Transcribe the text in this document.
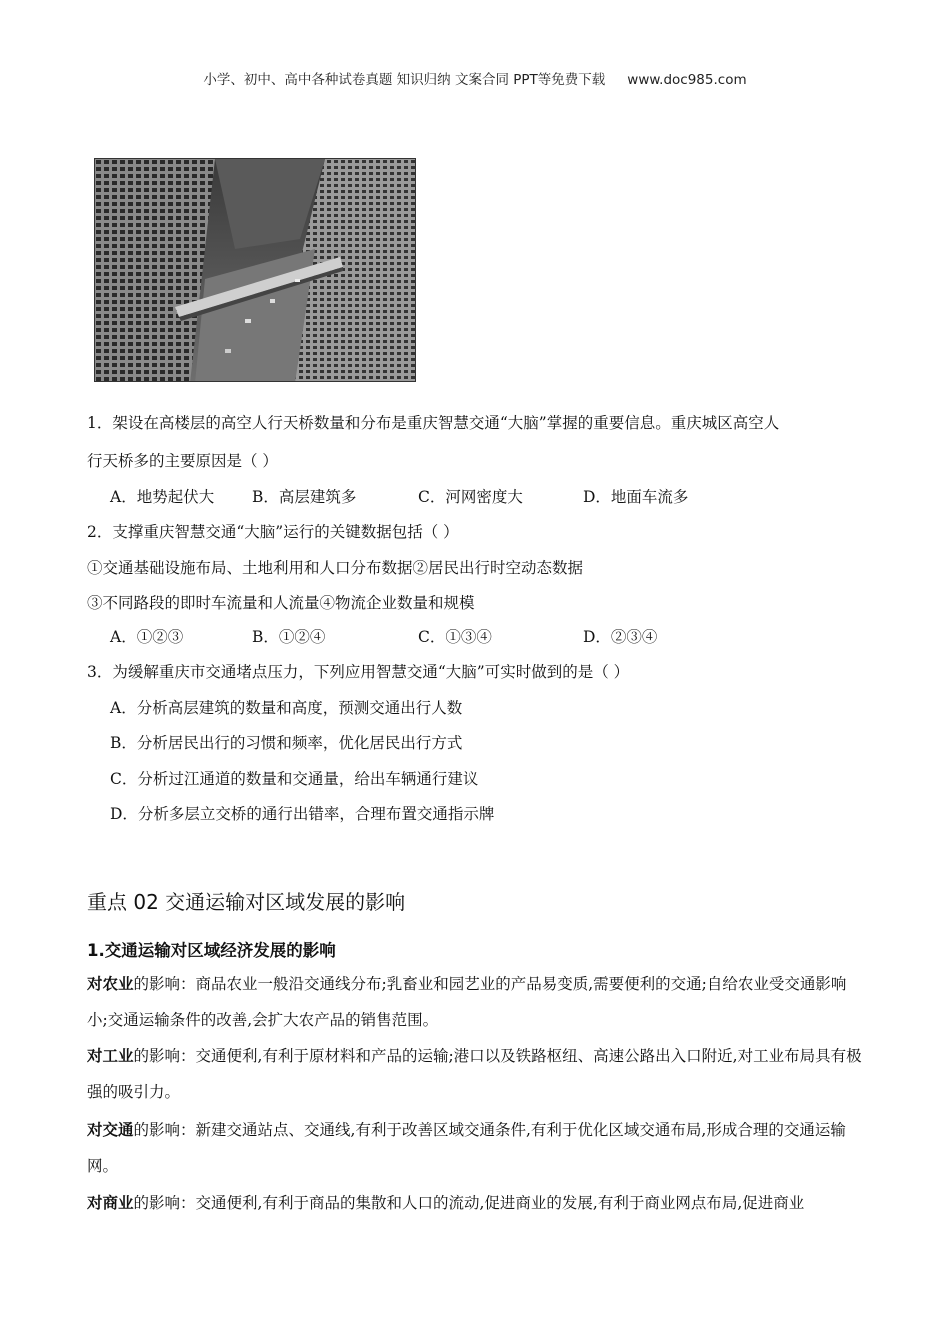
小学、初中、高中各种试卷真题 知识归纳 文案合同 PPT等免费下载 www.doc985.com
1．架设在高楼层的高空人行天桥数量和分布是重庆智慧交通“大脑”掌握的重要信息。重庆城区高空人
行天桥多的主要原因是（ ）
A．地势起伏大 B．高层建筑多	C．河网密度大	D．地面车流多
2．支撑重庆智慧交通“大脑”运行的关键数据包括（ ）
①交通基础设施布局、土地利用和人口分布数据②居民出行时空动态数据
③不同路段的即时车流量和人流量④物流企业数量和规模
A．①②③	B．①②④	C．①③④	D．②③④
3．为缓解重庆市交通堵点压力，下列应用智慧交通“大脑”可实时做到的是（ ）
A．分析高层建筑的数量和高度，预测交通出行人数
B．分析居民出行的习惯和频率，优化居民出行方式
C．分析过江通道的数量和交通量，给出车辆通行建议
D．分析多层立交桥的通行出错率，合理布置交通指示牌
重点 02 交通运输对区域发展的影响
1.交通运输对区域经济发展的影响
对农业的影响：商品农业一般沿交通线分布;乳畜业和园艺业的产品易变质,需要便利的交通;自给农业受交通影响小;交通运输条件的改善,会扩大农产品的销售范围。
对工业的影响：交通便利,有利于原材料和产品的运输;港口以及铁路枢纽、高速公路出入口附近,对工业布局具有极强的吸引力。
对交通的影响：新建交通站点、交通线,有利于改善区域交通条件,有利于优化区域交通布局,形成合理的交通运输网。
对商业的影响：交通便利,有利于商品的集散和人口的流动,促进商业的发展,有利于商业网点布局,促进商业
